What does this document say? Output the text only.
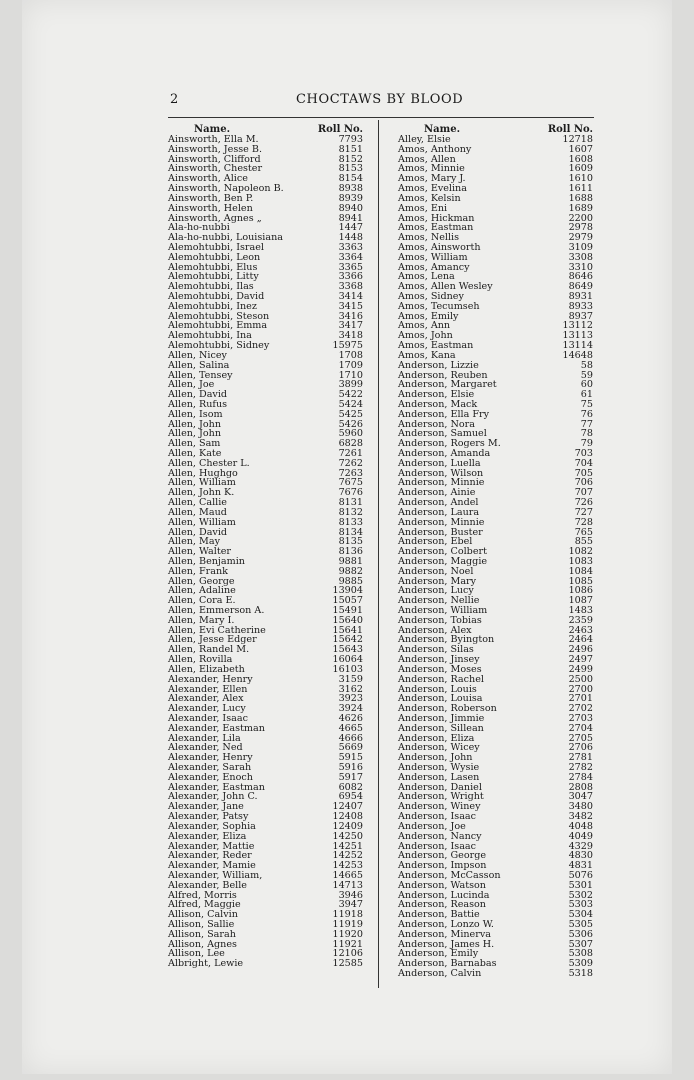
2	CHOCTAWS BY BLOOD
Name.	Roll No.
Ainsworth, Ella M.	7793
Ainsworth, Jesse B.	8151
Ainsworth, Clifford	8152
Ainsworth, Chester	8153
Ainsworth, Alice	8154
Ainsworth, Napoleon B.	8938
Ainsworth, Ben P.	8939
Ainsworth, Helen	8940
Ainsworth, Agnes „	8941
Ala-ho-nubbi	1447
Ala-ho-nubbi, Louisiana	1448
Alemohtubbi, Israel	3363
Alemohtubbi, Leon	3364
Alemohtubbi, Elus	3365
Alemohtubbi, Litty	3366
Alemohtubbi, Ilas	3368
Alemohtubbi, David	3414
Alemohtubbi, Inez	3415
Alemohtubbi, Steson	3416
Alemohtubbi, Emma	3417
Alemohtubbi, Ina	3418
Alemohtubbi, Sidney	15975
Allen, Nicey	1708
Allen, Salina	1709
Allen, Tensey	1710
Allen, Joe	3899
Allen, David	5422
Allen, Rufus	5424
Allen, Isom	5425
Allen, John	5426
Allen, John	5960
Allen, Sam	6828
Allen, Kate	7261
Allen, Chester L.	7262
Allen, Hughgo	7263
Allen, William	7675
Allen, John K.	7676
Allen, Callie	8131
Allen, Maud	8132
Allen, William	8133
Allen, David	8134
Allen, May	8135
Allen, Walter	8136
Allen, Benjamin	9881
Allen, Frank	9882
Allen, George	9885
Allen, Adaline	13904
Allen, Cora E.	15057
Allen, Emmerson A.	15491
Allen, Mary I.	15640
Allen, Evi Catherine	15641
Allen, Jesse Edger	15642
Allen, Randel M.	15643
Allen, Rovilla	16064
Allen, Elizabeth	16103
Alexander, Henry	3159
Alexander, Ellen	3162
Alexander, Alex	3923
Alexander, Lucy	3924
Alexander, Isaac	4626
Alexander, Eastman	4665
Alexander, Lila	4666
Alexander, Ned	5669
Alexander, Henry	5915
Alexander, Sarah	5916
Alexander, Enoch	5917
Alexander, Eastman	6082
Alexander, John C.	6954
Alexander, Jane	12407
Alexander, Patsy	12408
Alexander, Sophia	12409
Alexander, Eliza	14250
Alexander, Mattie	14251
Alexander, Reder	14252
Alexander, Mamie	14253
Alexander, William,	14665
Alexander, Belle	14713
Alfred, Morris	3946
Alfred, Maggie	3947
Allison, Calvin	11918
Allison, Sallie	11919
Allison, Sarah	11920
Allison, Agnes	11921
Allison, Lee	12106
Albright, Lewie	12585
Name.	Roll No.
Alley, Elsie	12718
Amos, Anthony	1607
Amos, Allen	1608
Amos, Minnie	1609
Amos, Mary J.	1610
Amos, Evelina	1611
Amos, Kelsin	1688
Amos, Eni	1689
Amos, Hickman	2200
Amos, Eastman	2978
Amos, Nellis	2979
Amos, Ainsworth	3109
Amos, William	3308
Amos, Amancy	3310
Amos, Lena	8646
Amos, Allen Wesley	8649
Amos, Sidney	8931
Amos, Tecumseh	8933
Amos, Emily	8937
Amos, Ann	13112
Amos, John	13113
Amos, Eastman	13114
Amos, Kana	14648
Anderson, Lizzie	58
Anderson, Reuben	59
Anderson, Margaret	60
Anderson, Elsie	61
Anderson, Mack	75
Anderson, Ella Fry	76
Anderson, Nora	77
Anderson, Samuel	78
Anderson, Rogers M.	79
Anderson, Amanda	703
Anderson, Luella	704
Anderson, Wilson	705
Anderson, Minnie	706
Anderson, Ainie	707
Anderson, Andel	726
Anderson, Laura	727
Anderson, Minnie	728
Anderson, Buster	765
Anderson, Ebel	855
Anderson, Colbert	1082
Anderson, Maggie	1083
Anderson, Noel	1084
Anderson, Mary	1085
Anderson, Lucy	1086
Anderson, Nellie	1087
Anderson, William	1483
Anderson, Tobias	2359
Anderson, Alex	2463
Anderson, Byington	2464
Anderson, Silas	2496
Anderson, Jinsey	2497
Anderson, Moses	2499
Anderson, Rachel	2500
Anderson, Louis	2700
Anderson, Louisa	2701
Anderson, Roberson	2702
Anderson, Jimmie	2703
Anderson, Sillean	2704
Anderson, Eliza	2705
Anderson, Wicey	2706
Anderson, John	2781
Anderson, Wysie	2782
Anderson, Lasen	2784
Anderson, Daniel	2808
Anderson, Wright	3047
Anderson, Winey	3480
Anderson, Isaac	3482
Anderson, Joe	4048
Anderson, Nancy	4049
Anderson, Isaac	4329
Anderson, George	4830
Anderson, Impson	4831
Anderson, McCasson	5076
Anderson, Watson	5301
Anderson, Lucinda	5302
Anderson, Reason	5303
Anderson, Battie	5304
Anderson, Lonzo W.	5305
Anderson, Minerva	5306
Anderson, James H.	5307
Anderson, Emily	5308
Anderson, Barnabas	5309
Anderson, Calvin	5318
